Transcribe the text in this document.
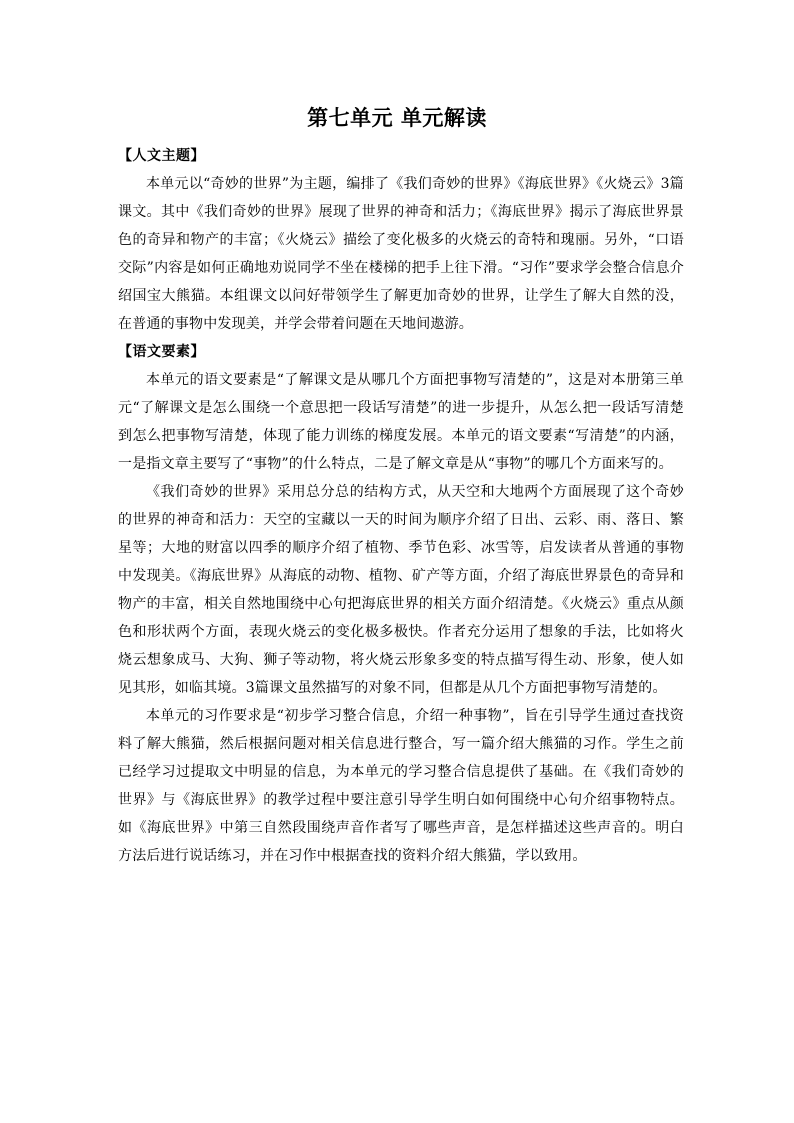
第七单元 单元解读

【人文主题】

本单元以“奇妙的世界”为主题，编排了《我们奇妙的世界》《海底世界》《火烧云》3篇课文。其中《我们奇妙的世界》展现了世界的神奇和活力；《海底世界》揭示了海底世界景色的奇异和物产的丰富；《火烧云》描绘了变化极多的火烧云的奇特和瑰丽。另外，“口语交际”内容是如何正确地劝说同学不坐在楼梯的把手上往下滑。“习作”要求学会整合信息介绍国宝大熊猫。本组课文以问好带领学生了解更加奇妙的世界，让学生了解大自然的没，在普通的事物中发现美，并学会带着问题在天地间遨游。

【语文要素】

本单元的语文要素是“了解课文是从哪几个方面把事物写清楚的”，这是对本册第三单元“了解课文是怎么围绕一个意思把一段话写清楚”的进一步提升，从怎么把一段话写清楚到怎么把事物写清楚，体现了能力训练的梯度发展。本单元的语文要素“写清楚”的内涵，一是指文章主要写了“事物”的什么特点，二是了解文章是从“事物”的哪几个方面来写的。

《我们奇妙的世界》采用总分总的结构方式，从天空和大地两个方面展现了这个奇妙的世界的神奇和活力：天空的宝藏以一天的时间为顺序介绍了日出、云彩、雨、落日、繁星等；大地的财富以四季的顺序介绍了植物、季节色彩、冰雪等，启发读者从普通的事物中发现美。《海底世界》从海底的动物、植物、矿产等方面，介绍了海底世界景色的奇异和物产的丰富，相关自然地围绕中心句把海底世界的相关方面介绍清楚。《火烧云》重点从颜色和形状两个方面，表现火烧云的变化极多极快。作者充分运用了想象的手法，比如将火烧云想象成马、大狗、狮子等动物，将火烧云形象多变的特点描写得生动、形象，使人如见其形，如临其境。3篇课文虽然描写的对象不同，但都是从几个方面把事物写清楚的。

本单元的习作要求是“初步学习整合信息，介绍一种事物”，旨在引导学生通过查找资料了解大熊猫，然后根据问题对相关信息进行整合，写一篇介绍大熊猫的习作。学生之前已经学习过提取文中明显的信息，为本单元的学习整合信息提供了基础。在《我们奇妙的世界》与《海底世界》的教学过程中要注意引导学生明白如何围绕中心句介绍事物特点。如《海底世界》中第三自然段围绕声音作者写了哪些声音，是怎样描述这些声音的。明白方法后进行说话练习，并在习作中根据查找的资料介绍大熊猫，学以致用。
